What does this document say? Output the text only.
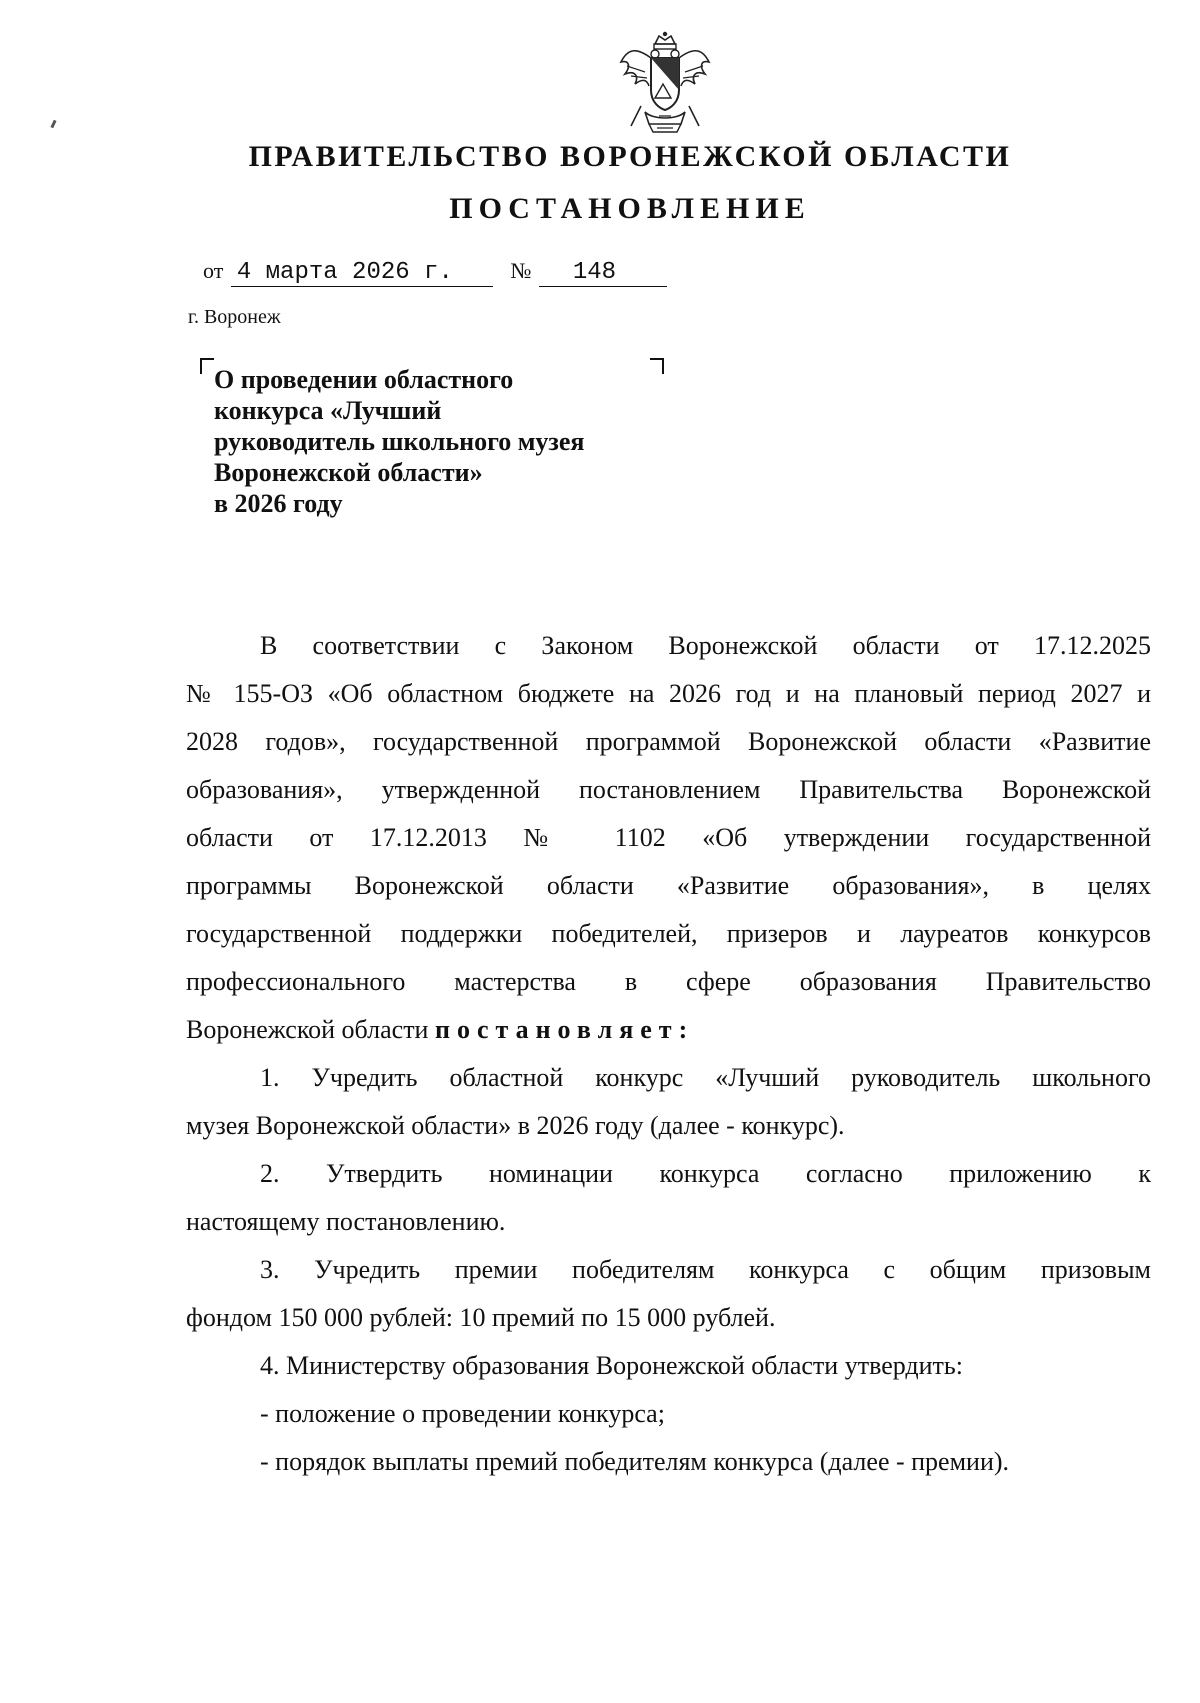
ПРАВИТЕЛЬСТВО ВОРОНЕЖСКОЙ ОБЛАСТИ
ПОСТАНОВЛЕНИЕ
от 4 марта 2026 г.	№ 148
г. Воронеж
О проведении областного
конкурса «Лучший
руководитель школьного музея
Воронежской области»
в 2026 году
В соответствии с Законом Воронежской области от 17.12.2025
№ 155-ОЗ «Об областном бюджете на 2026 год и на плановый период 2027 и
2028 годов», государственной программой Воронежской области «Развитие
образования», утвержденной постановлением Правительства Воронежской
области от 17.12.2013 № 1102 «Об утверждении государственной
программы Воронежской области «Развитие образования», в целях
государственной поддержки победителей, призеров и лауреатов конкурсов
профессионального мастерства в сфере образования Правительство
Воронежской области постановляет:
1. Учредить областной конкурс «Лучший руководитель школьного
музея Воронежской области» в 2026 году (далее - конкурс).
2. Утвердить номинации конкурса согласно приложению к
настоящему постановлению.
3. Учредить премии победителям конкурса с общим призовым
фондом 150 000 рублей: 10 премий по 15 000 рублей.
4. Министерству образования Воронежской области утвердить:
- положение о проведении конкурса;
- порядок выплаты премий победителям конкурса (далее - премии).
